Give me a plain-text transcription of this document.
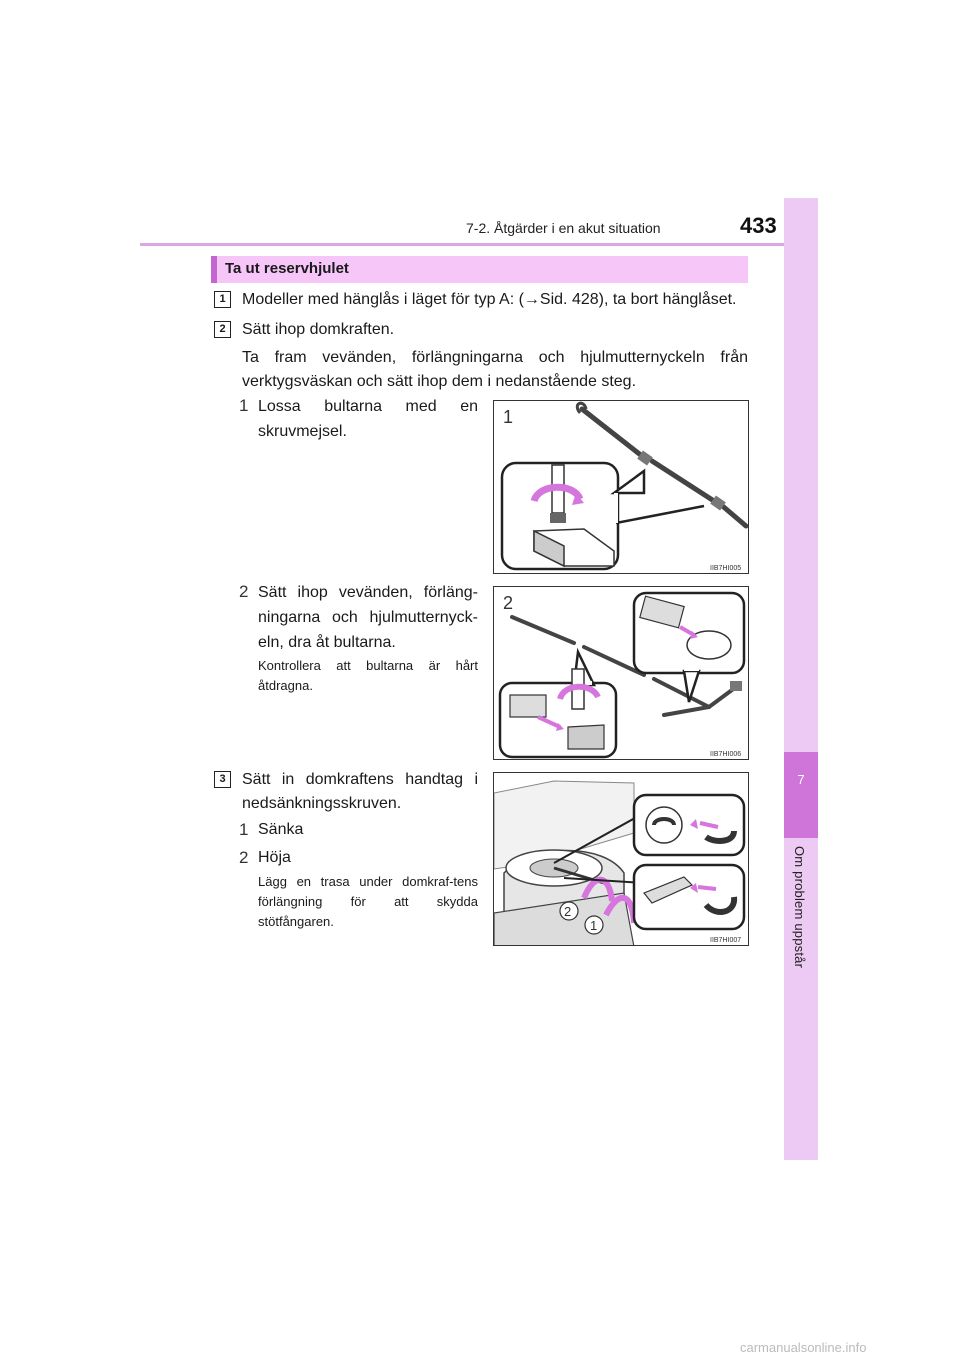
7-2. Åtgärder i en akut situation	433
7
Om problem uppstår
Ta ut reservhjulet
1	Modeller med hänglås i läget för typ A: (→Sid. 428), ta bort hänglåset.
2	Sätt ihop domkraften.
Ta fram vevänden, förlängningarna och hjulmutternyckeln från verktygsväskan och sätt ihop dem i nedanstående steg.
1 Lossa bultarna med en skruvmejsel.
1
IIB7HI005
2 Sätt ihop vevänden, förläng-ningarna och hjulmutternyck-eln, dra åt bultarna.
Kontrollera att bultarna är hårt åtdragna.
2
IIB7HI006
3	Sätt in domkraftens handtag i nedsänkningsskruven.
1 Sänka
2 Höja
Lägg en trasa under domkraf-tens förlängning för att skydda stötfångaren.
2
1
IIB7HI007
carmanualsonline.info
